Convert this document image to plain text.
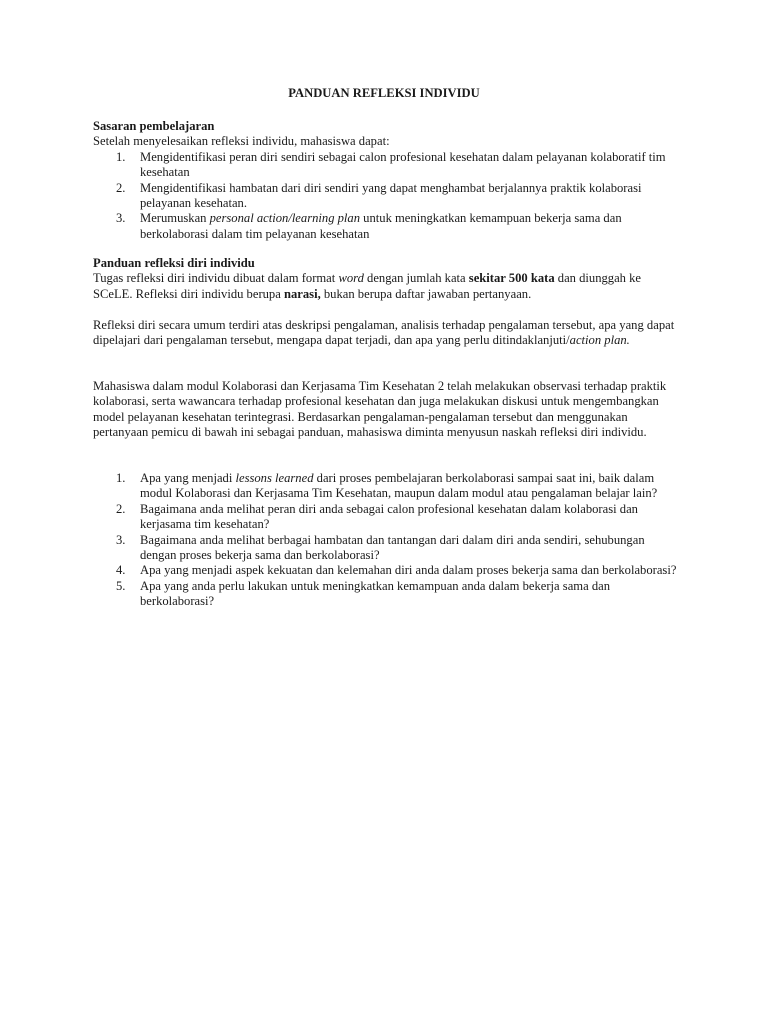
PANDUAN REFLEKSI INDIVIDU

Sasaran pembelajaran

Setelah menyelesaikan refleksi individu, mahasiswa dapat:

1. Mengidentifikasi peran diri sendiri sebagai calon profesional kesehatan dalam pelayanan kolaboratif tim kesehatan
2. Mengidentifikasi hambatan dari diri sendiri yang dapat menghambat berjalannya praktik kolaborasi pelayanan kesehatan.
3. Merumuskan personal action/learning plan untuk meningkatkan kemampuan bekerja sama dan berkolaborasi dalam tim pelayanan kesehatan

Panduan refleksi diri individu

Tugas refleksi diri individu dibuat dalam format word dengan jumlah kata sekitar 500 kata dan diunggah ke SCeLE. Refleksi diri individu berupa narasi, bukan berupa daftar jawaban pertanyaan.

Refleksi diri secara umum terdiri atas deskripsi pengalaman, analisis terhadap pengalaman tersebut, apa yang dapat dipelajari dari pengalaman tersebut, mengapa dapat terjadi, dan apa yang perlu ditindaklanjuti/action plan.

Mahasiswa dalam modul Kolaborasi dan Kerjasama Tim Kesehatan 2 telah melakukan observasi terhadap praktik kolaborasi, serta wawancara terhadap profesional kesehatan dan juga melakukan diskusi untuk mengembangkan model pelayanan kesehatan terintegrasi. Berdasarkan pengalaman-pengalaman tersebut dan menggunakan pertanyaan pemicu di bawah ini sebagai panduan, mahasiswa diminta menyusun naskah refleksi diri individu.

1. Apa yang menjadi lessons learned dari proses pembelajaran berkolaborasi sampai saat ini, baik dalam modul Kolaborasi dan Kerjasama Tim Kesehatan, maupun dalam modul atau pengalaman belajar lain?
2. Bagaimana anda melihat peran diri anda sebagai calon profesional kesehatan dalam kolaborasi dan kerjasama tim kesehatan?
3. Bagaimana anda melihat berbagai hambatan dan tantangan dari dalam diri anda sendiri, sehubungan dengan proses bekerja sama dan berkolaborasi?
4. Apa yang menjadi aspek kekuatan dan kelemahan diri anda dalam proses bekerja sama dan berkolaborasi?
5. Apa yang anda perlu lakukan untuk meningkatkan kemampuan anda dalam bekerja sama dan berkolaborasi?
